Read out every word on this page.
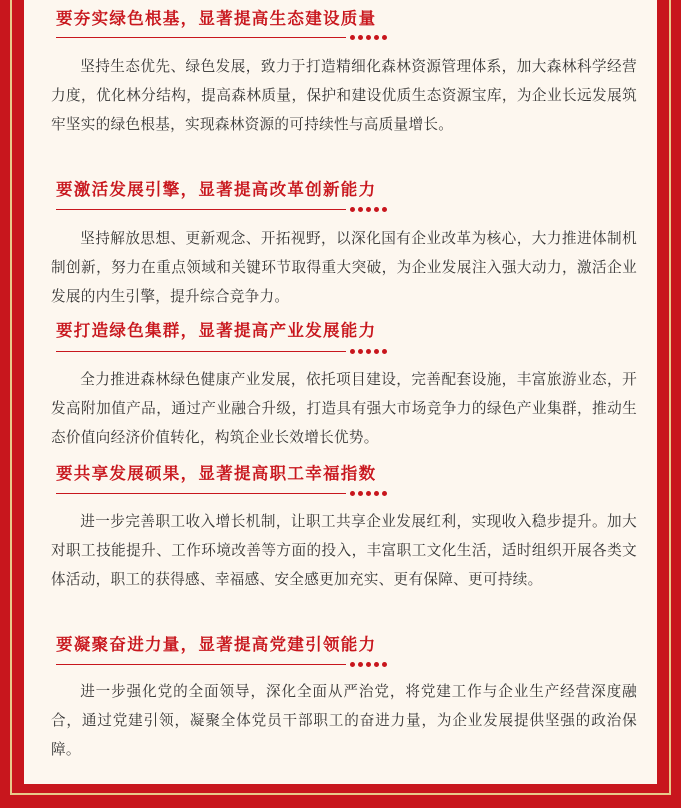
要夯实绿色根基，显著提高生态建设质量
坚持生态优先、绿色发展，致力于打造精细化森林资源管理体系，加大森林科学经营力度，优化林分结构，提高森林质量，保护和建设优质生态资源宝库，为企业长远发展筑牢坚实的绿色根基，实现森林资源的可持续性与高质量增长。
要激活发展引擎，显著提高改革创新能力
坚持解放思想、更新观念、开拓视野，以深化国有企业改革为核心，大力推进体制机制创新，努力在重点领域和关键环节取得重大突破，为企业发展注入强大动力，激活企业发展的内生引擎，提升综合竞争力。
要打造绿色集群，显著提高产业发展能力
全力推进森林绿色健康产业发展，依托项目建设，完善配套设施，丰富旅游业态，开发高附加值产品，通过产业融合升级，打造具有强大市场竞争力的绿色产业集群，推动生态价值向经济价值转化，构筑企业长效增长优势。
要共享发展硕果，显著提高职工幸福指数
进一步完善职工收入增长机制，让职工共享企业发展红利，实现收入稳步提升。加大对职工技能提升、工作环境改善等方面的投入，丰富职工文化生活，适时组织开展各类文体活动，职工的获得感、幸福感、安全感更加充实、更有保障、更可持续。
要凝聚奋进力量，显著提高党建引领能力
进一步强化党的全面领导，深化全面从严治党，将党建工作与企业生产经营深度融合，通过党建引领，凝聚全体党员干部职工的奋进力量，为企业发展提供坚强的政治保障。
